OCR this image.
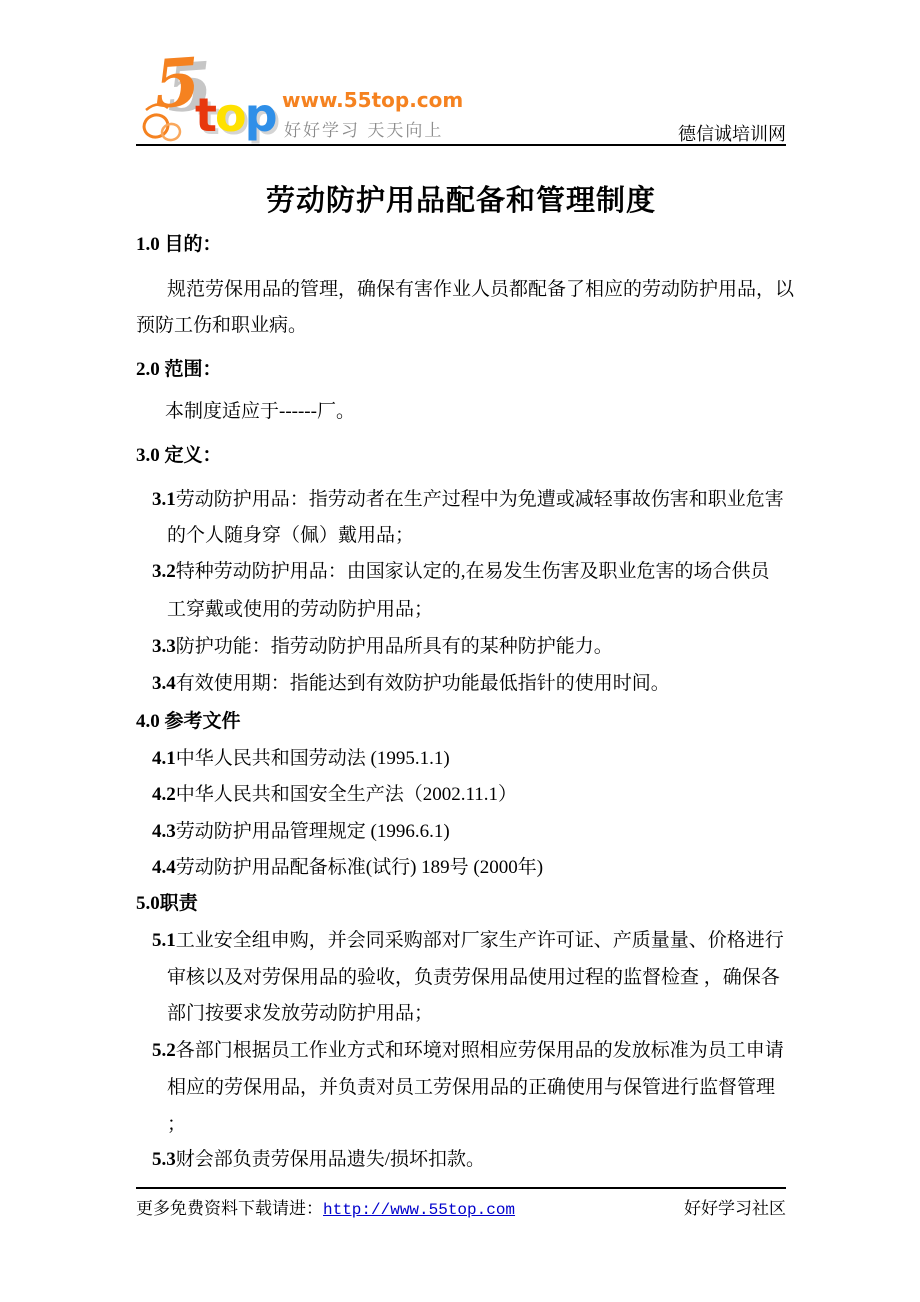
5
top www.55top.com
好好学习 天天向上	德信诚培训网
劳动防护用品配备和管理制度
1.0 目的：
规范劳保用品的管理，确保有害作业人员都配备了相应的劳动防护用品，以
预防工伤和职业病。
2.0 范围：
本制度适应于------厂。
3.0 定义：
3.1劳动防护用品：指劳动者在生产过程中为免遭或减轻事故伤害和职业危害
的个人随身穿（佩）戴用品；
3.2特种劳动防护用品：由国家认定的,在易发生伤害及职业危害的场合供员
工穿戴或使用的劳动防护用品；
3.3防护功能：指劳动防护用品所具有的某种防护能力。
3.4有效使用期：指能达到有效防护功能最低指针的使用时间。
4.0 参考文件
4.1中华人民共和国劳动法 (1995.1.1)
4.2中华人民共和国安全生产法（2002.11.1）
4.3劳动防护用品管理规定 (1996.6.1)
4.4劳动防护用品配备标准(试行) 189号 (2000年)
5.0职责
5.1工业安全组申购，并会同采购部对厂家生产许可证、产质量量、价格进行
审核以及对劳保用品的验收，负责劳保用品使用过程的监督检查 ，确保各
部门按要求发放劳动防护用品；
5.2各部门根据员工作业方式和环境对照相应劳保用品的发放标准为员工申请
相应的劳保用品，并负责对员工劳保用品的正确使用与保管进行监督管理
；
5.3财会部负责劳保用品遗失/损坏扣款。
更多免费资料下载请进：http://www.55top.com	好好学习社区
